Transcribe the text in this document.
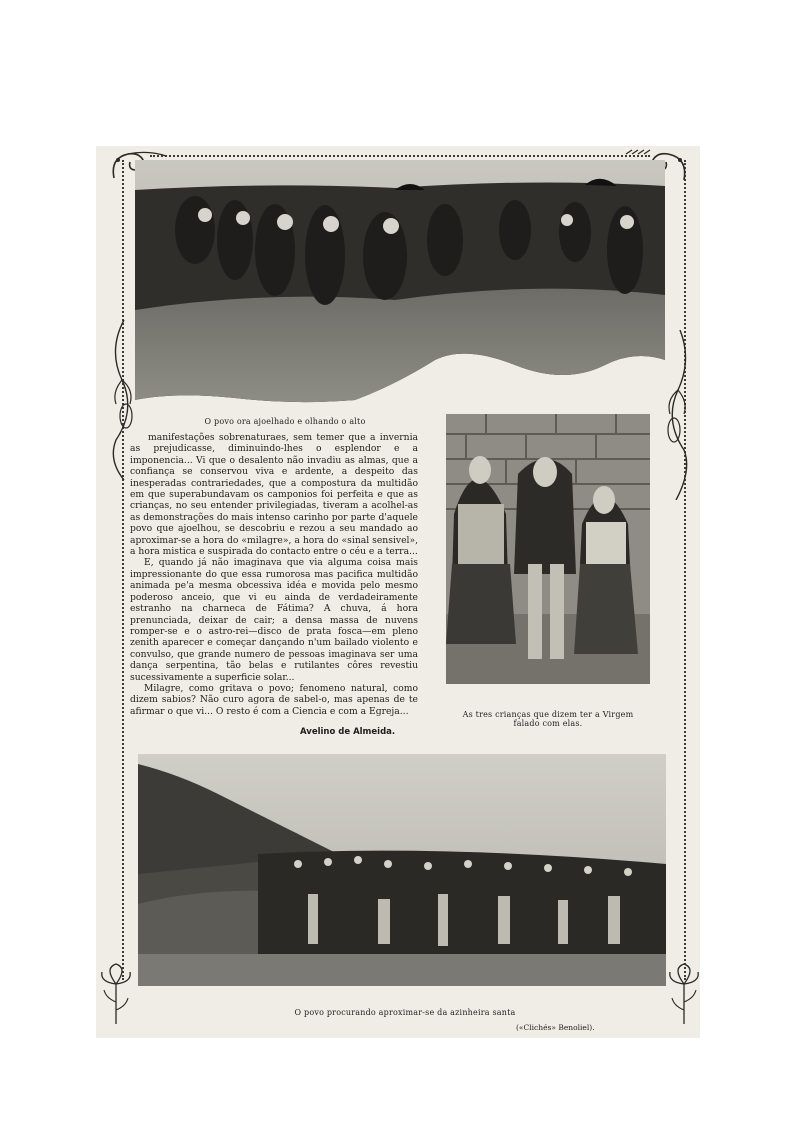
O povo ora ajoelhado e olhando o alto

manifestações sobrenaturaes, sem temer que a invernia as prejudicasse, diminuindo-lhes o esplendor e a imponencia... Vi que o desalento não invadiu as almas, que a confiança se conservou viva e ardente, a despeito das inesperadas contrariedades, que a compostura da multidão em que superabundavam os camponios foi perfeita e que as crianças, no seu entender privilegiadas, tiveram a acolhel-as as demonstrações do mais intenso carinho por parte d'aquele povo que ajoelhou, se descobriu e rezou a seu mandado ao aproximar-se a hora do «milagre», a hora do «sinal sensivel», a hora mistica e suspirada do contacto entre o céu e a terra...

E, quando já não imaginava que via alguma coisa mais impressionante do que essa rumorosa mas pacifica multidão animada pe'a mesma obcessiva idéa e movida pelo mesmo poderoso anceio, que vi eu ainda de verdadeiramente estranho na charneca de Fátima? A chuva, á hora prenunciada, deixar de cair; a densa massa de nuvens romper-se e o astro-rei—disco de prata fosca—em pleno zenith aparecer e começar dançando n'um bailado violento e convulso, que grande numero de pessoas imaginava ser uma dança serpentina, tão belas e rutilantes côres revestiu sucessivamente a superficie solar...

Milagre, como gritava o povo; fenomeno natural, como dizem sabios? Não curo agora de sabel-o, mas apenas de te afirmar o que vi... O resto é com a Ciencia e com a Egreja...

Avelino de Almeida.
As tres crianças que dizem ter a Virgem
falado com elas.
O povo procurando aproximar-se da azinheira santa
(«Clichés» Benoliel).
